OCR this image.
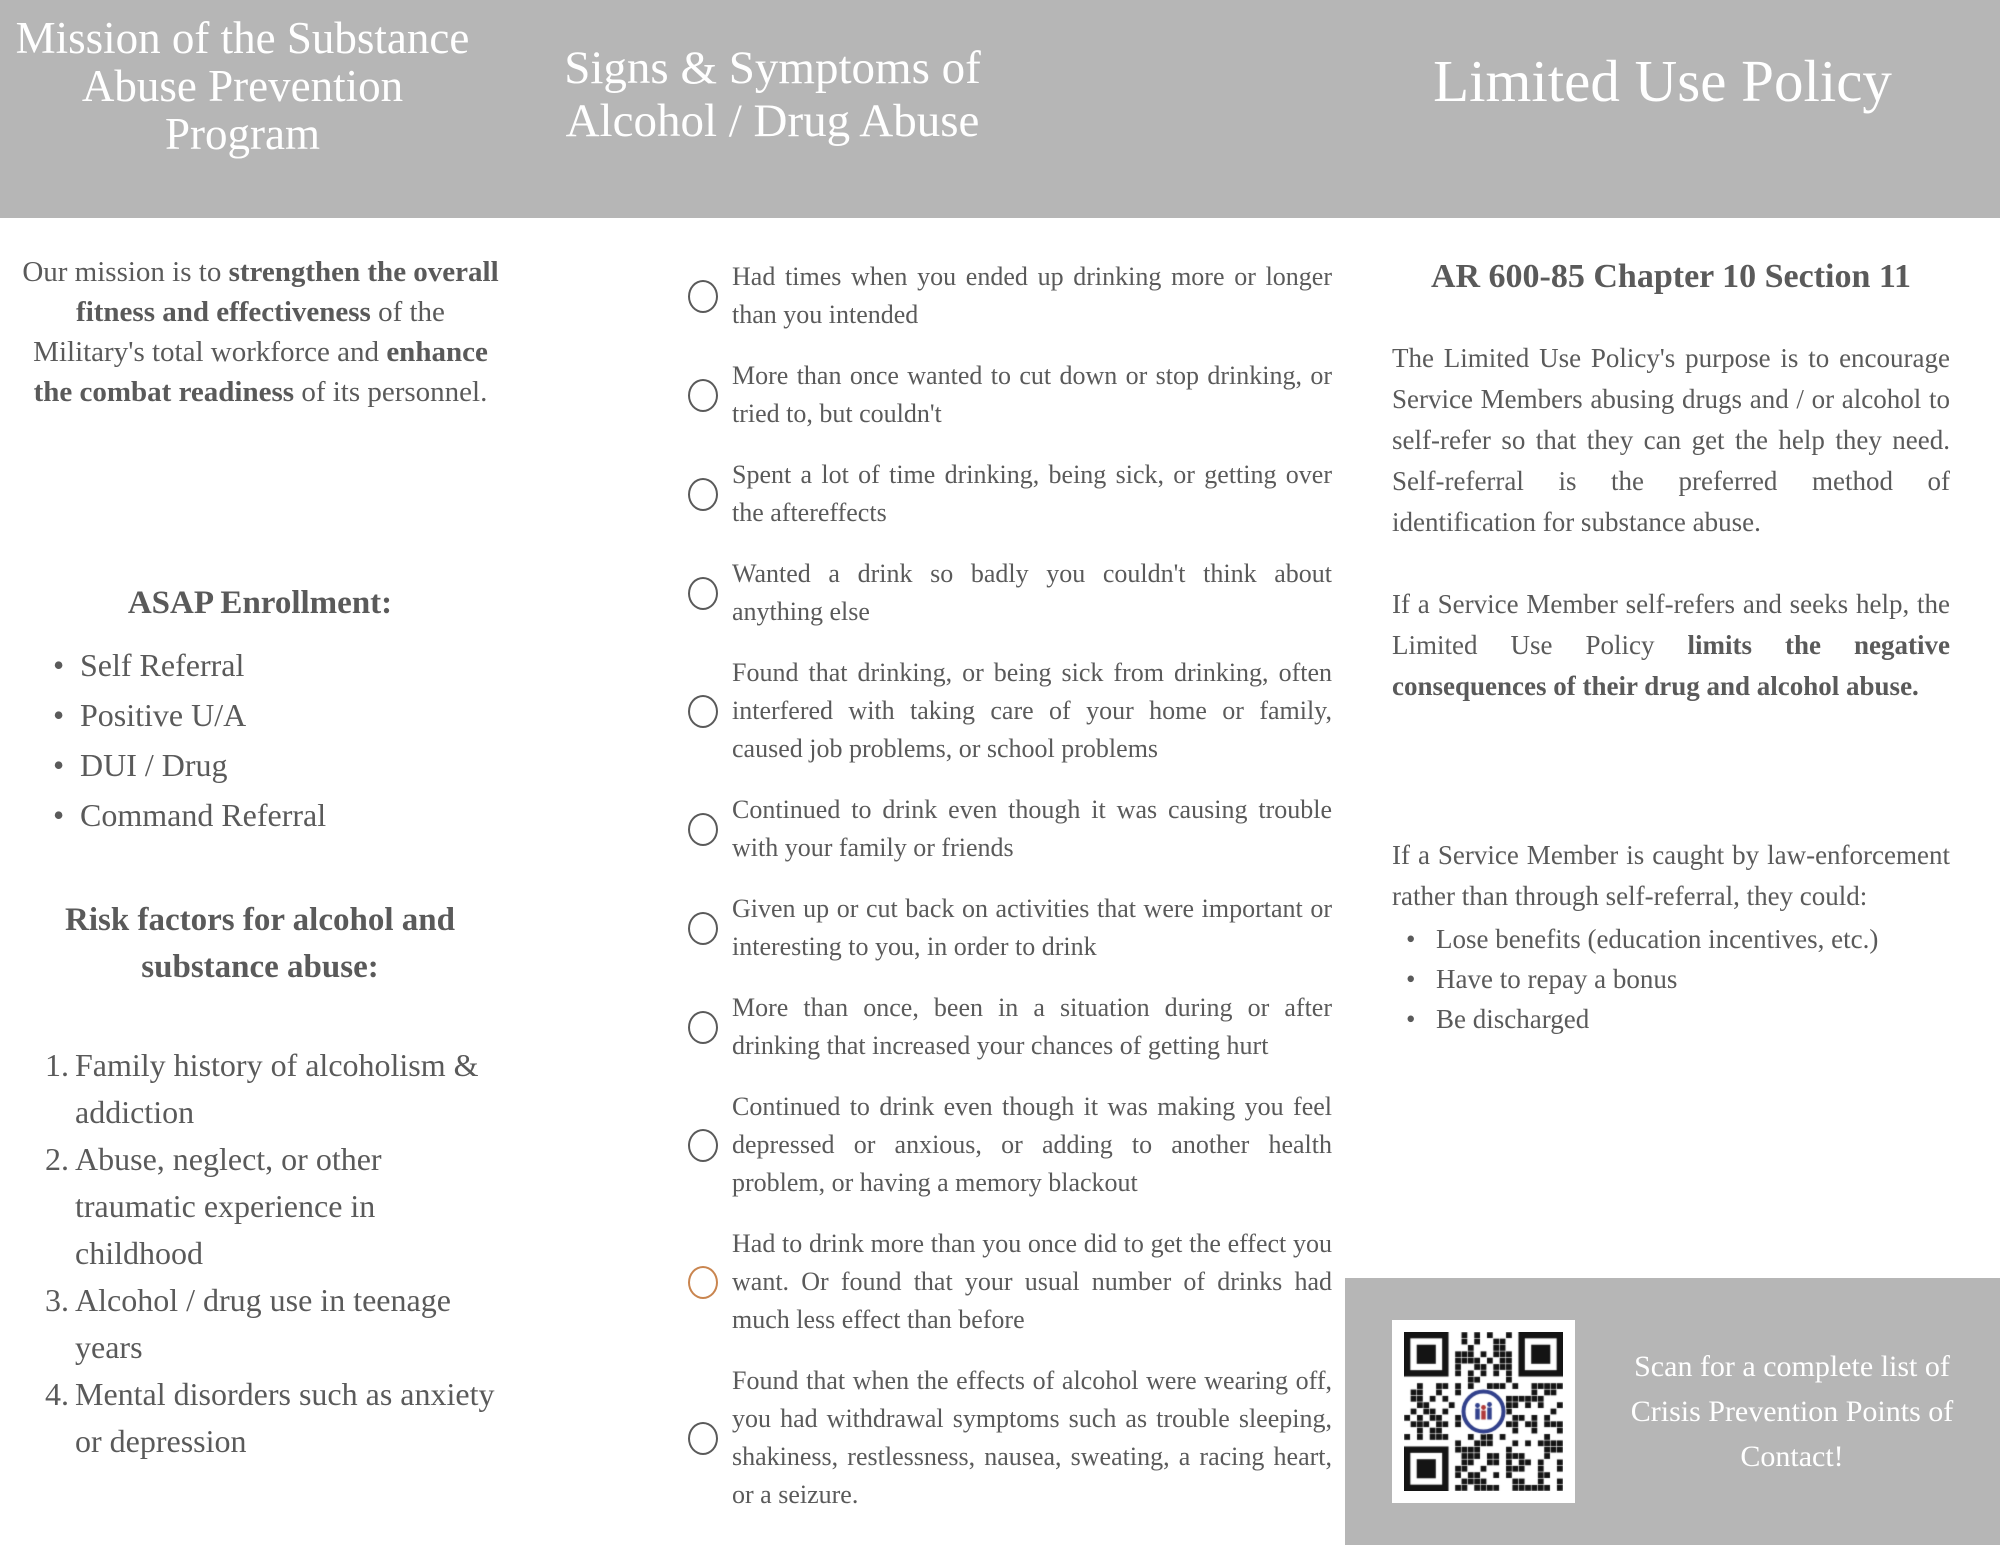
Mission of the Substance Abuse Prevention Program
Signs & Symptoms of Alcohol / Drug Abuse
Limited Use Policy

Our mission is to strengthen the overall fitness and effectiveness of the Military's total workforce and enhance the combat readiness of its personnel.

ASAP Enrollment:
• Self Referral
• Positive U/A
• DUI / Drug
• Command Referral
Risk factors for alcohol and substance abuse:
Family history of alcoholism & addiction
Abuse, neglect, or other traumatic experience in childhood
Alcohol / drug use in teenage years
Mental disorders such as anxiety or depression
Had times when you ended up drinking more or longer than you intended
More than once wanted to cut down or stop drinking, or tried to, but couldn't
Spent a lot of time drinking, being sick, or getting over the aftereffects
Wanted a drink so badly you couldn't think about anything else
Found that drinking, or being sick from drinking, often interfered with taking care of your home or family, caused job problems, or school problems
Continued to drink even though it was causing trouble with your family or friends
Given up or cut back on activities that were important or interesting to you, in order to drink
More than once, been in a situation during or after drinking that increased your chances of getting hurt
Continued to drink even though it was making you feel depressed or anxious, or adding to another health problem, or having a memory blackout
Had to drink more than you once did to get the effect you want. Or found that your usual number of drinks had much less effect than before
Found that when the effects of alcohol were wearing off, you had withdrawal symptoms such as trouble sleeping, shakiness, restlessness, nausea, sweating, a racing heart, or a seizure.
AR 600-85 Chapter 10 Section 11

The Limited Use Policy's purpose is to encourage Service Members abusing drugs and / or alcohol to self-refer so that they can get the help they need. Self-referral is the preferred method of identification for substance abuse.

If a Service Member self-refers and seeks help, the Limited Use Policy limits the negative consequences of their drug and alcohol abuse.

If a Service Member is caught by law-enforcement rather than through self-referral, they could:

• Lose benefits (education incentives, etc.)
• Have to repay a bonus
• Be discharged
Scan for a complete list of Crisis Prevention Points of Contact!
